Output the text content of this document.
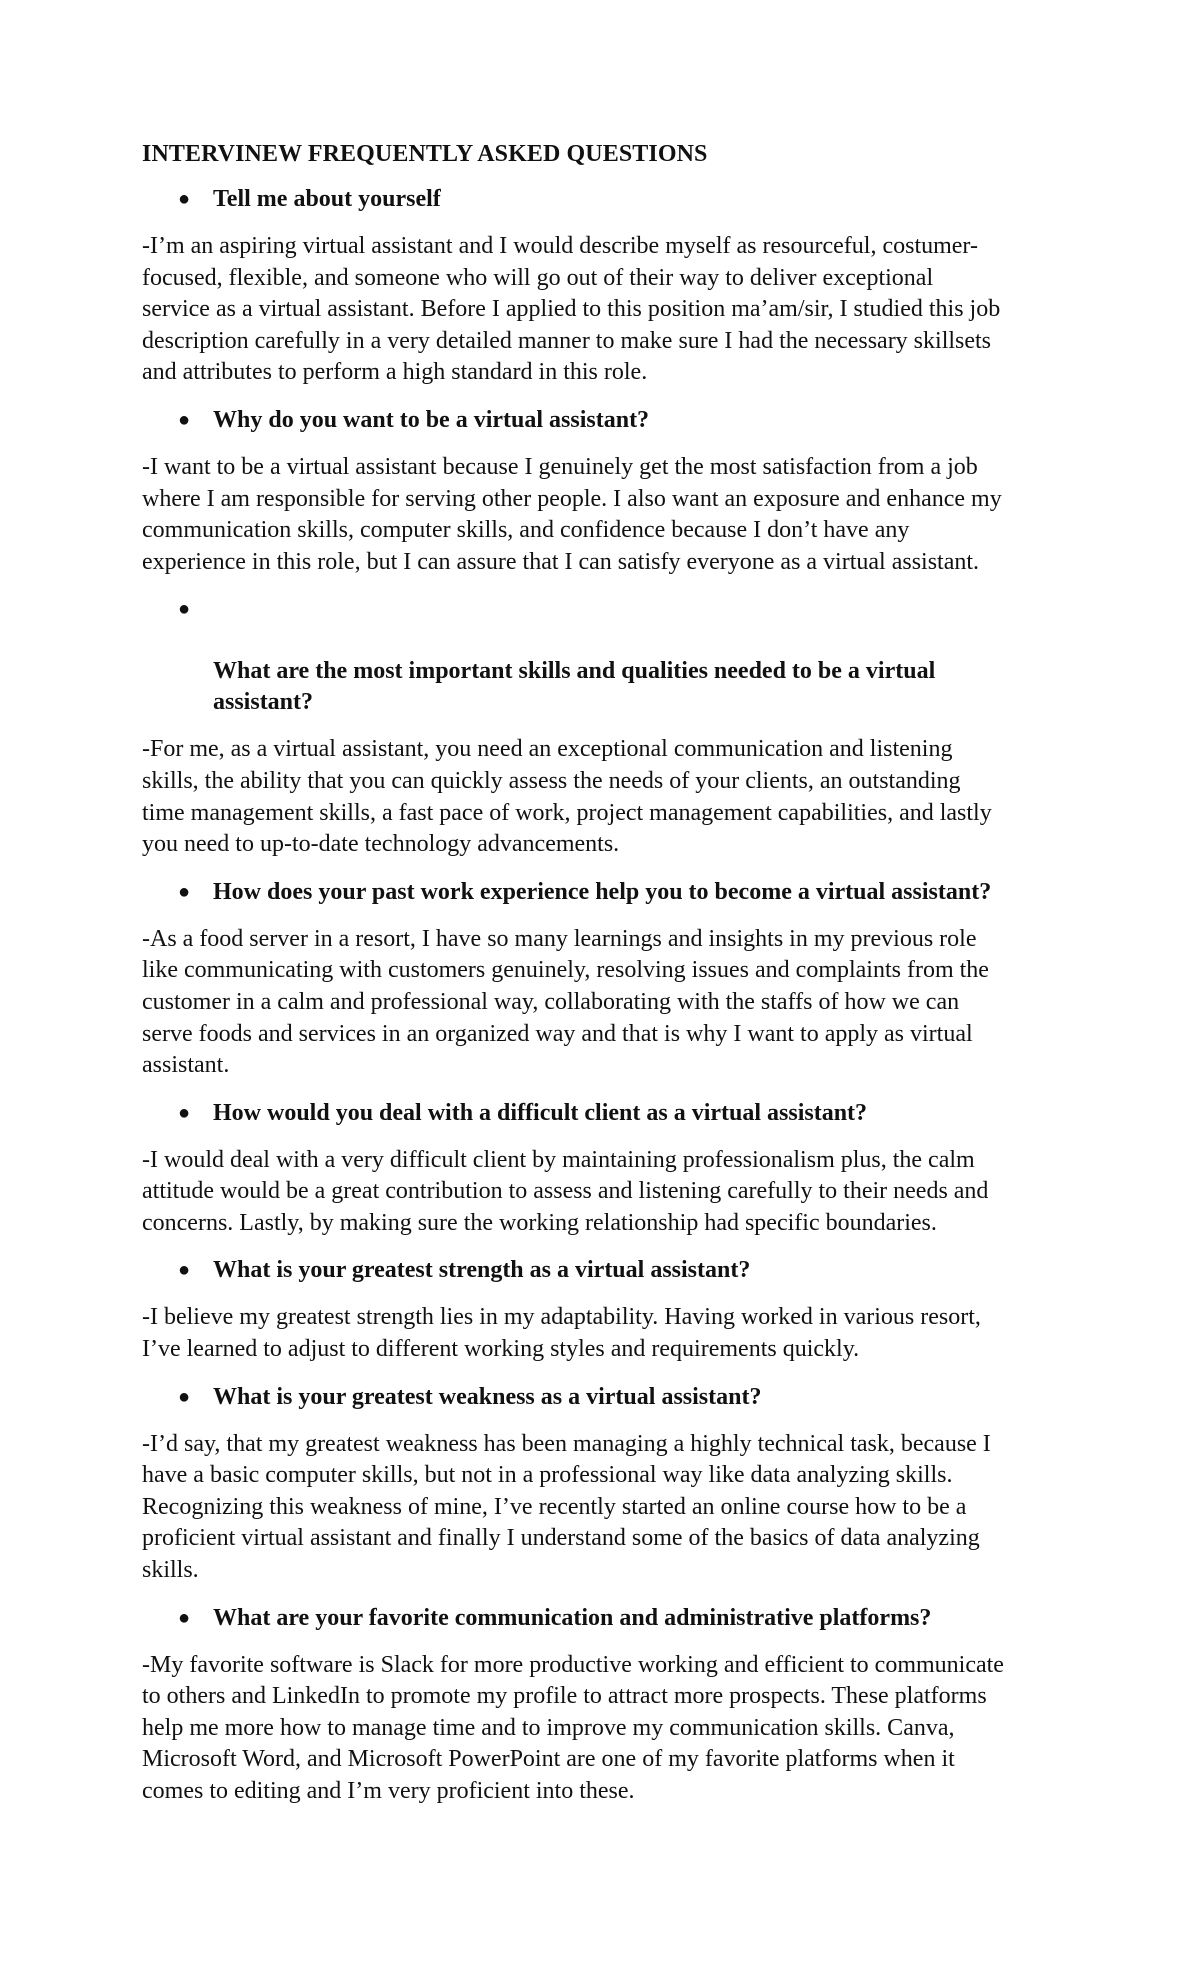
INTERVINEW FREQUENTLY ASKED QUESTIONS
● Tell me about yourself
-I’m an aspiring virtual assistant and I would describe myself as resourceful, costumer-
focused, flexible, and someone who will go out of their way to deliver exceptional
service as a virtual assistant. Before I applied to this position ma’am/sir, I studied this job
description carefully in a very detailed manner to make sure I had the necessary skillsets
and attributes to perform a high standard in this role.
● Why do you want to be a virtual assistant?
-I want to be a virtual assistant because I genuinely get the most satisfaction from a job
where I am responsible for serving other people. I also want an exposure and enhance my
communication skills, computer skills, and confidence because I don’t have any
experience in this role, but I can assure that I can satisfy everyone as a virtual assistant.

●

What are the most important skills and qualities needed to be a virtual
assistant?

-For me, as a virtual assistant, you need an exceptional communication and listening
skills, the ability that you can quickly assess the needs of your clients, an outstanding
time management skills, a fast pace of work, project management capabilities, and lastly
you need to up-to-date technology advancements.
● How does your past work experience help you to become a virtual assistant?
-As a food server in a resort, I have so many learnings and insights in my previous role
like communicating with customers genuinely, resolving issues and complaints from the
customer in a calm and professional way, collaborating with the staffs of how we can
serve foods and services in an organized way and that is why I want to apply as virtual
assistant.
● How would you deal with a difficult client as a virtual assistant?
-I would deal with a very difficult client by maintaining professionalism plus, the calm
attitude would be a great contribution to assess and listening carefully to their needs and
concerns. Lastly, by making sure the working relationship had specific boundaries.
● What is your greatest strength as a virtual assistant?
-I believe my greatest strength lies in my adaptability. Having worked in various resort,
I’ve learned to adjust to different working styles and requirements quickly.
● What is your greatest weakness as a virtual assistant?
-I’d say, that my greatest weakness has been managing a highly technical task, because I
have a basic computer skills, but not in a professional way like data analyzing skills.
Recognizing this weakness of mine, I’ve recently started an online course how to be a
proficient virtual assistant and finally I understand some of the basics of data analyzing
skills.
● What are your favorite communication and administrative platforms?
-My favorite software is Slack for more productive working and efficient to communicate
to others and LinkedIn to promote my profile to attract more prospects. These platforms
help me more how to manage time and to improve my communication skills. Canva,
Microsoft Word, and Microsoft PowerPoint are one of my favorite platforms when it
comes to editing and I’m very proficient into these.
